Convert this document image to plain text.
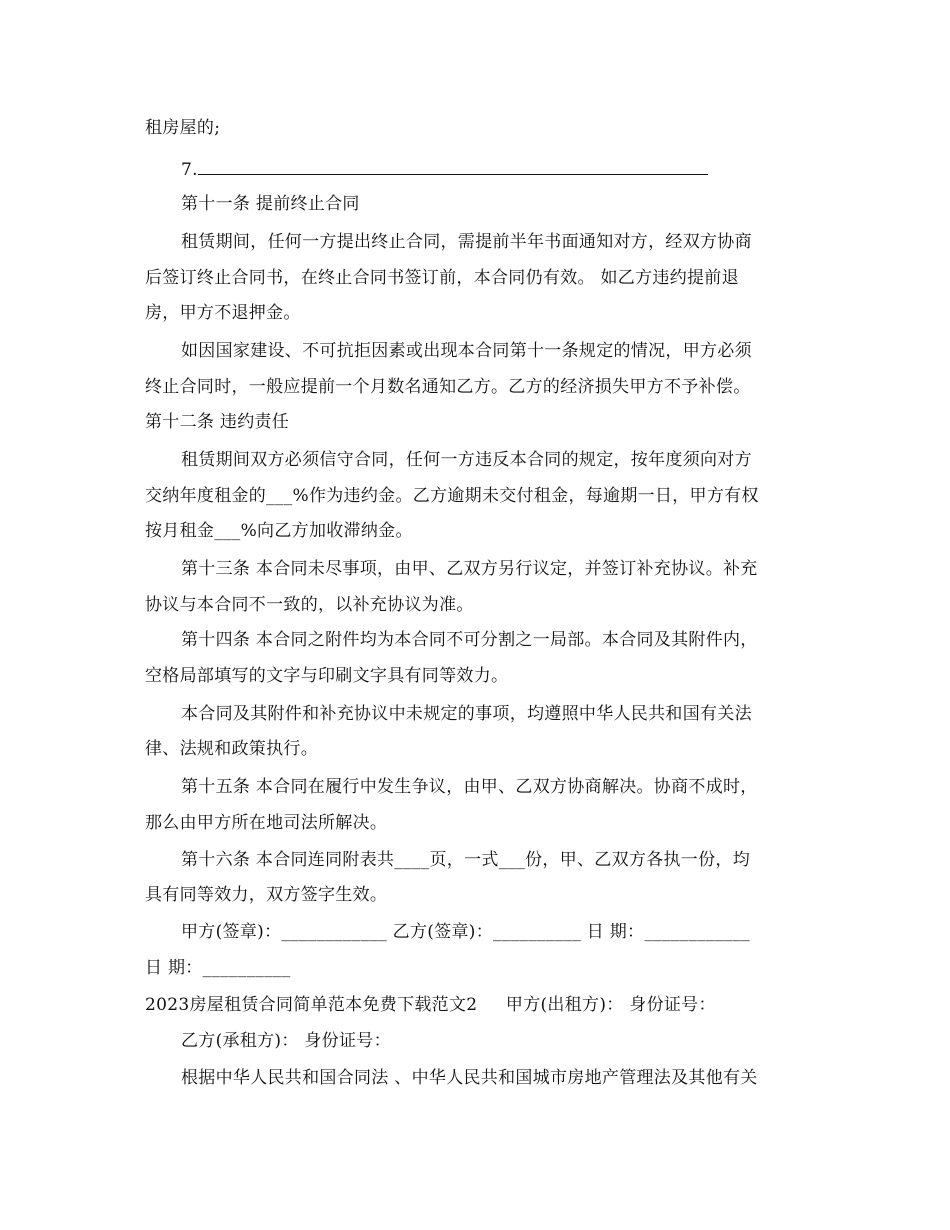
租房屋的;
7.
第十一条 提前终止合同
租赁期间，任何一方提出终止合同，需提前半年书面通知对方，经双方协商
后签订终止合同书，在终止合同书签订前，本合同仍有效。 如乙方违约提前退
房，甲方不退押金。
如因国家建设、不可抗拒因素或出现本合同第十一条规定的情况，甲方必须
终止合同时，一般应提前一个月数名通知乙方。乙方的经济损失甲方不予补偿。
第十二条 违约责任
租赁期间双方必须信守合同，任何一方违反本合同的规定，按年度须向对方
交纳年度租金的___%作为违约金。乙方逾期未交付租金，每逾期一日，甲方有权
按月租金___%向乙方加收滞纳金。
第十三条 本合同未尽事项，由甲、乙双方另行议定，并签订补充协议。补充
协议与本合同不一致的，以补充协议为准。
第十四条 本合同之附件均为本合同不可分割之一局部。本合同及其附件内，
空格局部填写的文字与印刷文字具有同等效力。
本合同及其附件和补充协议中未规定的事项，均遵照中华人民共和国有关法
律、法规和政策执行。
第十五条 本合同在履行中发生争议，由甲、乙双方协商解决。协商不成时，
那么由甲方所在地司法所解决。
第十六条 本合同连同附表共____页，一式___份，甲、乙双方各执一份，均
具有同等效力，双方签字生效。
甲方(签章)：____________ 乙方(签章)：__________ 日 期：____________
日 期：__________
2023房屋租赁合同简单范本免费下载范文2     甲方(出租方)： 身份证号：
乙方(承租方)： 身份证号：
根据中华人民共和国合同法 、中华人民共和国城市房地产管理法及其他有关
